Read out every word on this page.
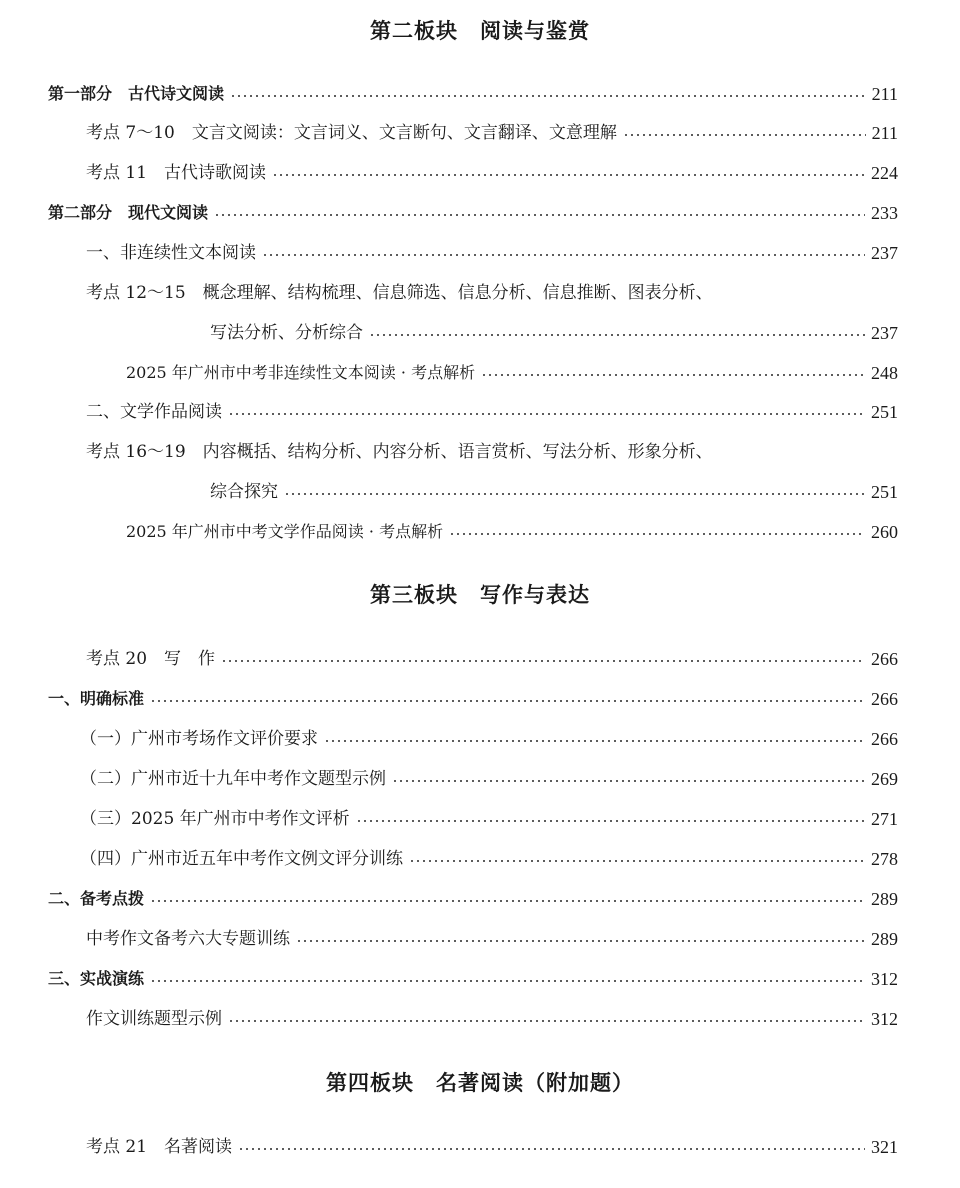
第二板块　阅读与鉴赏
第一部分　古代诗文阅读	211
考点 7～10　文言文阅读：文言词义、文言断句、文言翻译、文意理解	211
考点 11　古代诗歌阅读	224
第二部分　现代文阅读	233
一、非连续性文本阅读	237
考点 12～15　概念理解、结构梳理、信息筛选、信息分析、信息推断、图表分析、
写法分析、分析综合	237
2025 年广州市中考非连续性文本阅读 · 考点解析	248
二、文学作品阅读	251
考点 16～19　内容概括、结构分析、内容分析、语言赏析、写法分析、形象分析、
综合探究	251
2025 年广州市中考文学作品阅读 · 考点解析	260
第三板块　写作与表达
考点 20　写　作	266
一、明确标准	266
（一）广州市考场作文评价要求	266
（二）广州市近十九年中考作文题型示例	269
（三）2025 年广州市中考作文评析	271
（四）广州市近五年中考作文例文评分训练	278
二、备考点拨	289
中考作文备考六大专题训练	289
三、实战演练	312
作文训练题型示例	312
第四板块　名著阅读（附加题）
考点 21　名著阅读	321
